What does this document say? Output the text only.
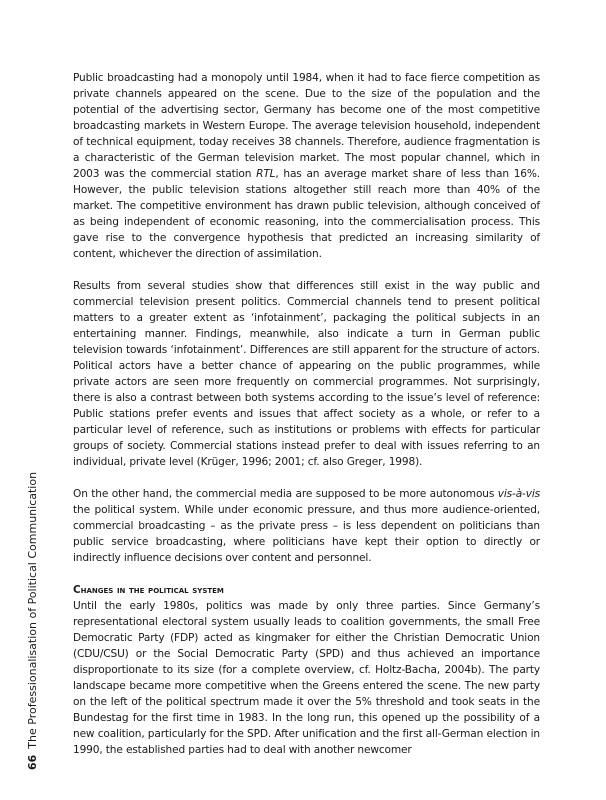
Public broadcasting had a monopoly until 1984, when it had to face fierce competition as private channels appeared on the scene. Due to the size of the population and the potential of the advertising sector, Germany has become one of the most competitive broadcasting markets in Western Europe. The average television household, independent of technical equipment, today receives 38 channels. Therefore, audience fragmentation is a characteristic of the German television market. The most popular channel, which in 2003 was the commercial station RTL, has an average market share of less than 16%. However, the public television stations altogether still reach more than 40% of the market. The competitive environment has drawn public television, although conceived of as being independent of economic reasoning, into the commercialisation process. This gave rise to the convergence hypothesis that predicted an increasing similarity of content, whichever the direction of assimilation.

Results from several studies show that differences still exist in the way public and commercial television present politics. Commercial channels tend to present political matters to a greater extent as ‘infotainment’, packaging the political subjects in an entertaining manner. Findings, meanwhile, also indicate a turn in German public television towards ‘infotainment’. Differences are still apparent for the structure of actors. Political actors have a better chance of appearing on the public programmes, while private actors are seen more frequently on commercial programmes. Not surprisingly, there is also a contrast between both systems according to the issue’s level of reference: Public stations prefer events and issues that affect society as a whole, or refer to a particular level of reference, such as institutions or problems with effects for particular groups of society. Commercial stations instead prefer to deal with issues referring to an individual, private level (Krüger, 1996; 2001; cf. also Greger, 1998).

On the other hand, the commercial media are supposed to be more autonomous vis-à-vis the political system. While under economic pressure, and thus more audience-oriented, commercial broadcasting – as the private press – is less dependent on politicians than public service broadcasting, where politicians have kept their option to directly or indirectly influence decisions over content and personnel.

Changes in the political system

Until the early 1980s, politics was made by only three parties. Since Germany’s representational electoral system usually leads to coalition governments, the small Free Democratic Party (FDP) acted as kingmaker for either the Christian Democratic Union (CDU/CSU) or the Social Democratic Party (SPD) and thus achieved an importance disproportionate to its size (for a complete overview, cf. Holtz-Bacha, 2004b). The party landscape became more competitive when the Greens entered the scene. The new party on the left of the political spectrum made it over the 5% threshold and took seats in the Bundestag for the first time in 1983. In the long run, this opened up the possibility of a new coalition, particularly for the SPD. After unification and the first all-German election in 1990, the established parties had to deal with another newcomer

66The Professionalisation of Political Communication
